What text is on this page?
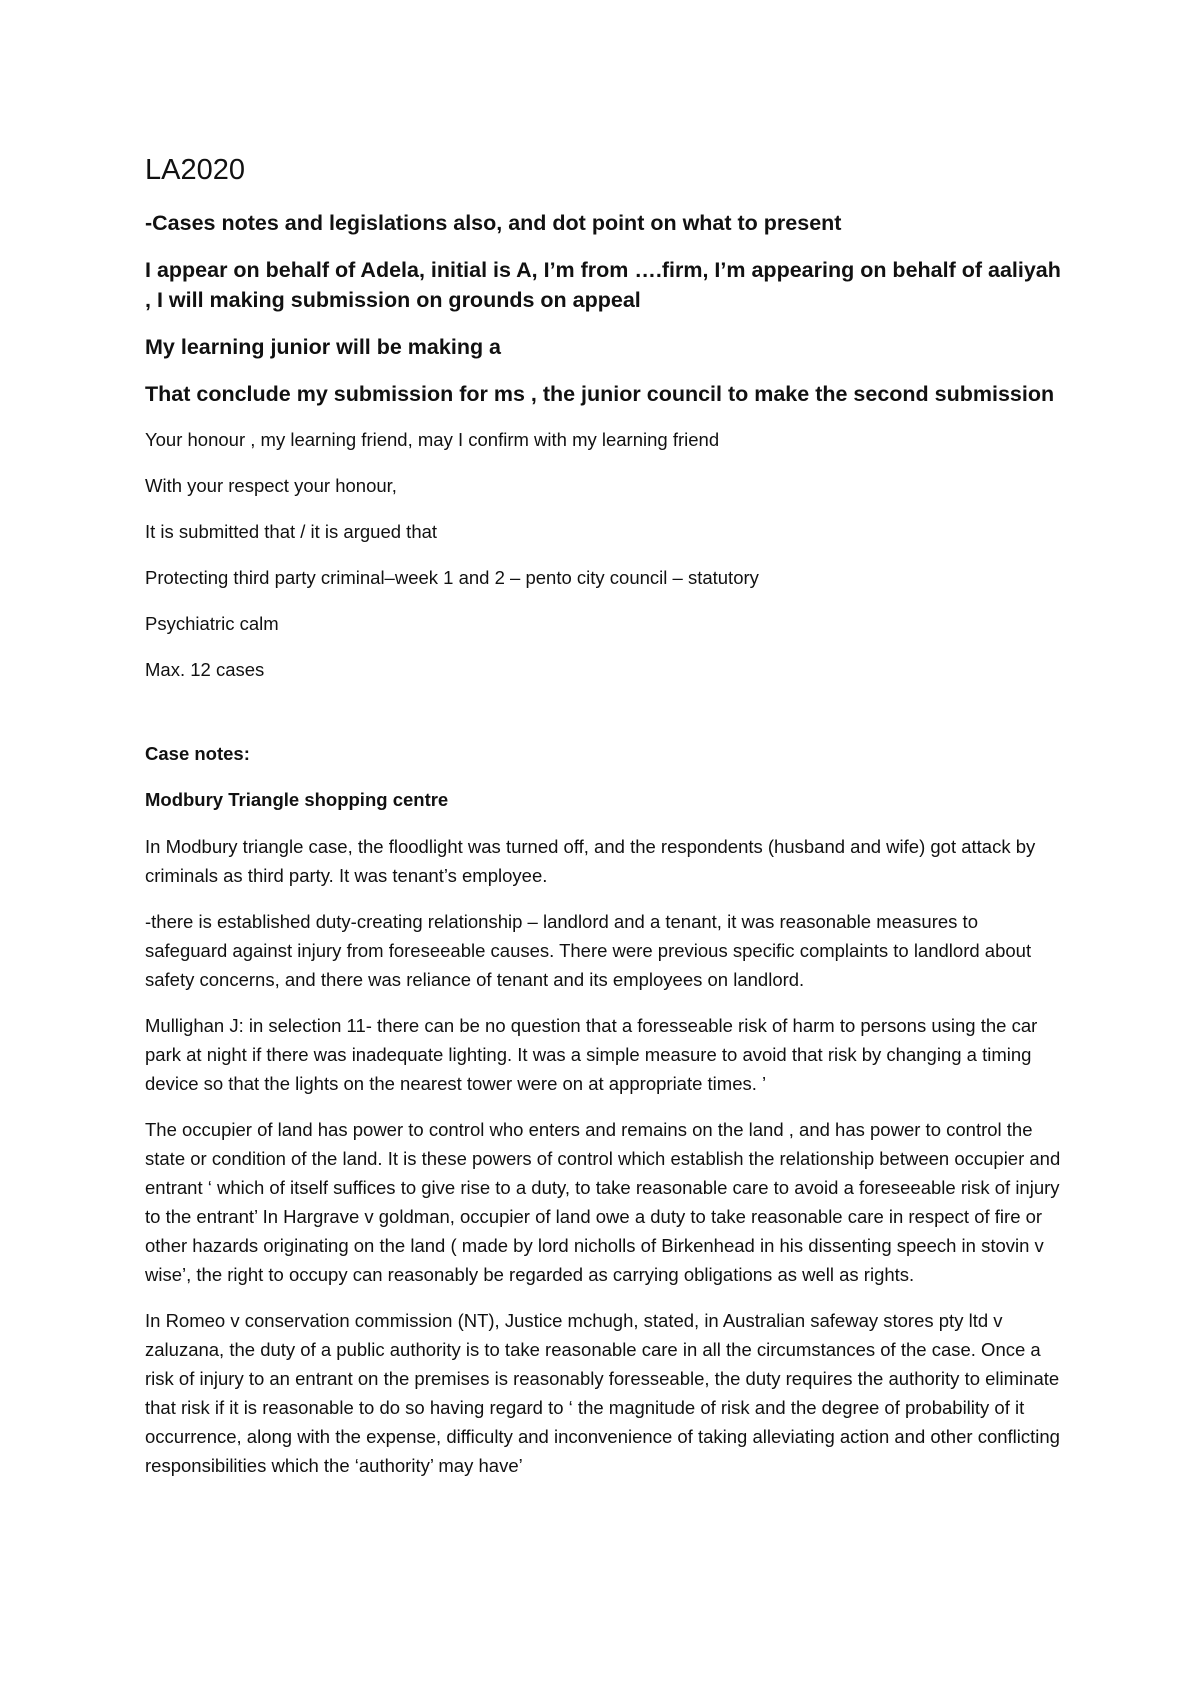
LA2020
-Cases notes and legislations also, and dot point on what to present
I appear on behalf of Adela, initial is A, I’m from ….firm, I’m appearing on behalf of aaliyah , I will making submission on grounds on appeal
My learning junior will be making a
That conclude my submission for ms , the junior council to make the second submission
Your honour , my learning friend, may I confirm with my learning friend
With your respect your honour,
It is submitted that / it is argued that
Protecting third party criminal–week 1 and 2 – pento city council – statutory
Psychiatric calm
Max. 12 cases
Case notes:
Modbury Triangle shopping centre
In Modbury triangle case, the floodlight was turned off, and the respondents (husband and wife) got attack by criminals as third party. It was tenant’s employee.
-there is established duty-creating relationship – landlord and a tenant, it was reasonable measures to safeguard against injury from foreseeable causes. There were previous specific complaints to landlord about safety concerns, and there was reliance of tenant and its employees on landlord.
Mullighan J: in selection 11- there can be no question that a foresseable risk of harm to persons using the car park at night if there was inadequate lighting. It was a simple measure to avoid that risk by changing a timing device so that the lights on the nearest tower were on at appropriate times. ’
The occupier of land has power to control who enters and remains on the land , and has power to control the state or condition of the land. It is these powers of control which establish the relationship between occupier and entrant ‘ which of itself suffices to give rise to a duty, to take reasonable care to avoid a foreseeable risk of injury to the entrant’ In Hargrave v goldman, occupier of land owe a duty to take reasonable care in respect of fire or other hazards originating on the land ( made by lord nicholls of Birkenhead in his dissenting speech in stovin v wise’, the right to occupy can reasonably be regarded as carrying obligations as well as rights.
In Romeo v conservation commission (NT), Justice mchugh, stated, in Australian safeway stores pty ltd v zaluzana, the duty of a public authority is to take reasonable care in all the circumstances of the case. Once a risk of injury to an entrant on the premises is reasonably foresseable, the duty requires the authority to eliminate that risk if it is reasonable to do so having regard to ‘ the magnitude of risk and the degree of probability of it occurrence, along with the expense, difficulty and inconvenience of taking alleviating action and other conflicting responsibilities which the ‘authority’ may have’
